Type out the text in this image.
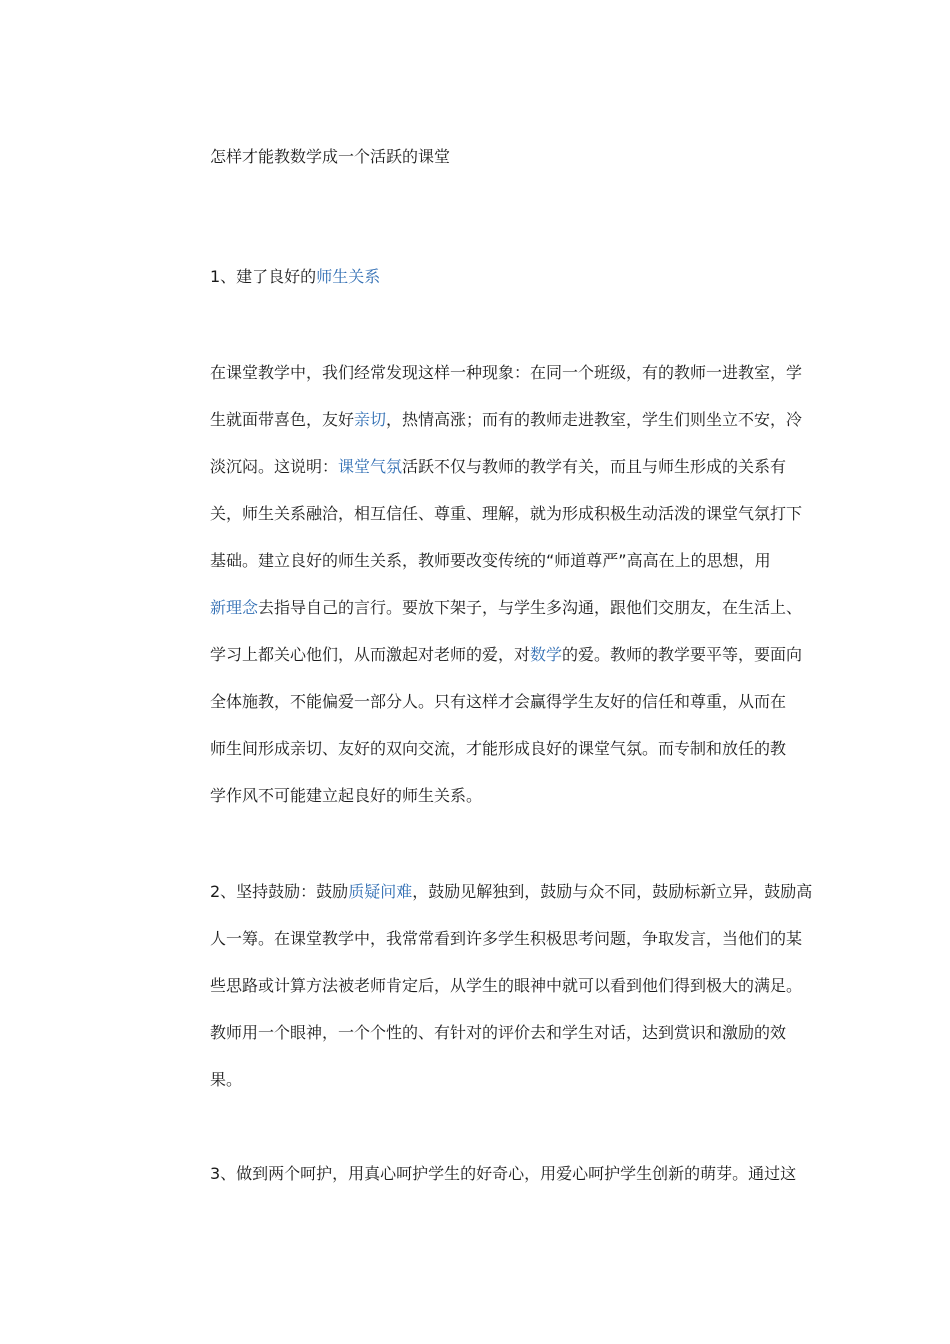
怎样才能教数学成一个活跃的课堂
1、建了良好的师生关系
在课堂教学中，我们经常发现这样一种现象：在同一个班级，有的教师一进教室，学
生就面带喜色，友好亲切，热情高涨；而有的教师走进教室，学生们则坐立不安，冷
淡沉闷。这说明：课堂气氛活跃不仅与教师的教学有关，而且与师生形成的关系有
关，师生关系融洽，相互信任、尊重、理解，就为形成积极生动活泼的课堂气氛打下
基础。建立良好的师生关系，教师要改变传统的“师道尊严”高高在上的思想，用
新理念去指导自己的言行。要放下架子，与学生多沟通，跟他们交朋友，在生活上、
学习上都关心他们，从而激起对老师的爱，对数学的爱。教师的教学要平等，要面向
全体施教，不能偏爱一部分人。只有这样才会赢得学生友好的信任和尊重，从而在
师生间形成亲切、友好的双向交流，才能形成良好的课堂气氛。而专制和放任的教
学作风不可能建立起良好的师生关系。
2、坚持鼓励：鼓励质疑问难，鼓励见解独到，鼓励与众不同，鼓励标新立异，鼓励高
人一筹。在课堂教学中，我常常看到许多学生积极思考问题，争取发言，当他们的某
些思路或计算方法被老师肯定后，从学生的眼神中就可以看到他们得到极大的满足。
教师用一个眼神，一个个性的、有针对的评价去和学生对话，达到赏识和激励的效
果。
3、做到两个呵护，用真心呵护学生的好奇心，用爱心呵护学生创新的萌芽。通过这
